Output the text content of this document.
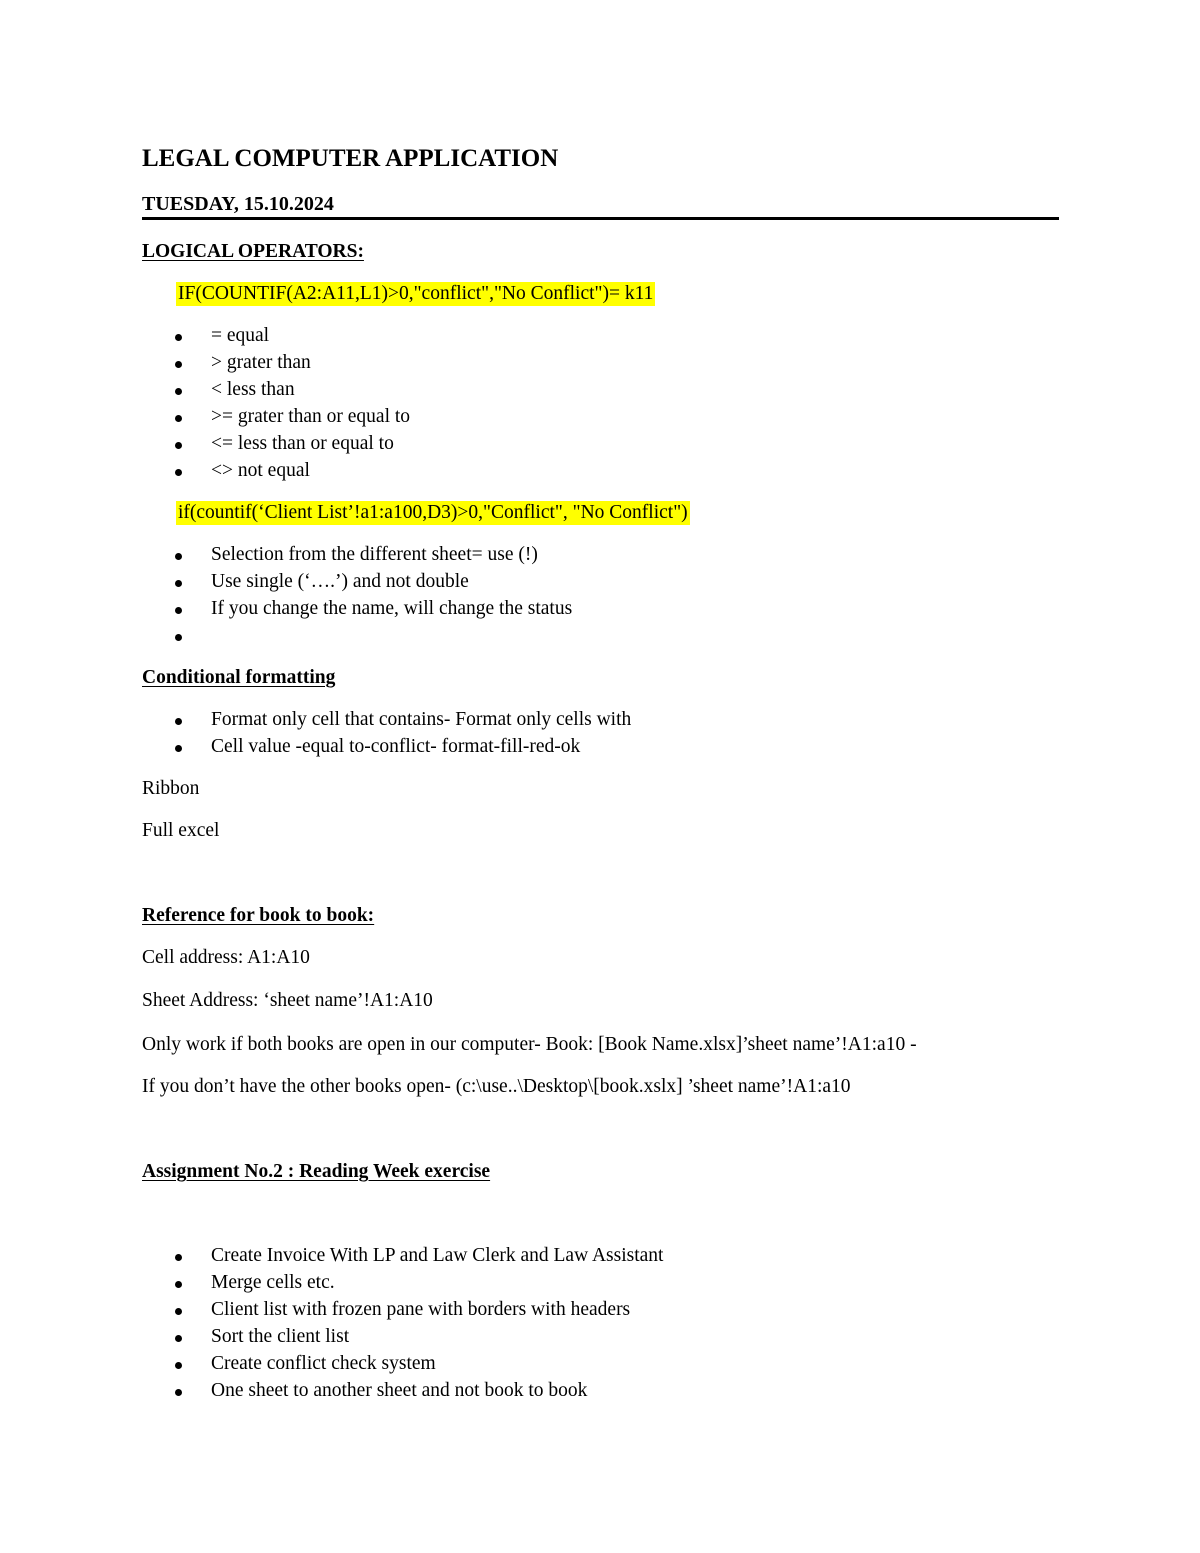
LEGAL COMPUTER APPLICATION
TUESDAY, 15.10.2024
LOGICAL OPERATORS:
IF(COUNTIF(A2:A11,L1)>0,"conflict","No Conflict")= k11
= equal
> grater than
< less than
>= grater than or equal to
<= less than or equal to
<> not equal
if(countif(‘Client List’!a1:a100,D3)>0,"Conflict", "No Conflict")
Selection from the different sheet= use (!)
Use single (‘….’) and not double
If you change the name, will change the status
Conditional formatting
Format only cell that contains- Format only cells with
Cell value -equal to-conflict- format-fill-red-ok
Ribbon
Full excel
Reference for book to book:
Cell address: A1:A10
Sheet Address: ‘sheet name’!A1:A10
Only work if both books are open in our computer- Book: [Book Name.xlsx]’sheet name’!A1:a10 -
If you don’t have the other books open- (c:\use..\Desktop\[book.xslx] ’sheet name’!A1:a10
Assignment No.2 : Reading Week exercise
Create Invoice With LP and Law Clerk and Law Assistant
Merge cells etc.
Client list with frozen pane with borders with headers
Sort the client list
Create conflict check system
One sheet to another sheet and not book to book
